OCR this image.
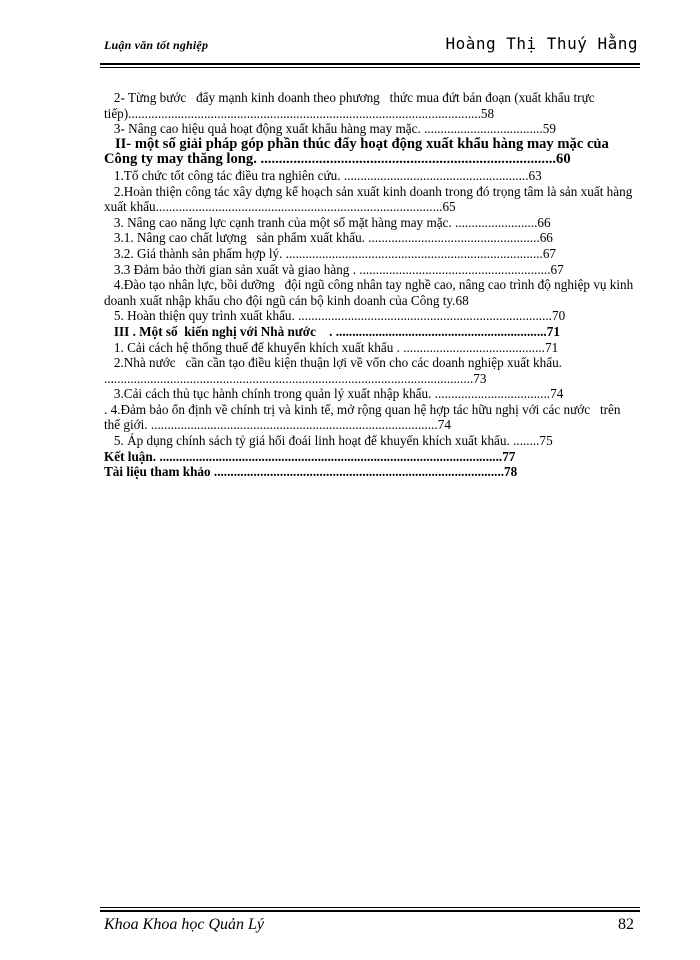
Luận văn tốt nghiệp	Hoàng Thị Thuý Hằng

2- Từng bước   đẩy mạnh kinh doanh theo phương   thức mua đứt bán đoạn (xuất khẩu trực tiếp)...........................................................................................................58

3- Nâng cao hiệu quả hoạt động xuất khẩu hàng may mặc. ....................................59

II- một số giải pháp góp phần thúc đẩy hoạt động xuất khẩu hàng may mặc của Công ty may thăng long. .................................................................................60

1.Tổ chức tốt công tác điều tra nghiên cứu. ........................................................63

2.Hoàn thiện công tác xây dựng kế hoạch sản xuất kinh doanh trong đó trọng tâm là sản xuất hàng xuất khẩu.......................................................................................65

3. Nâng cao năng lực cạnh tranh của một số mặt hàng may mặc. .........................66

3.1. Nâng cao chất lượng   sản phẩm xuất khẩu. ....................................................66

3.2. Giá thành sản phẩm hợp lý. ..............................................................................67

3.3 Đảm bảo thời gian sản xuất và giao hàng . ..........................................................67

4.Đào tạo nhân lực, bồi dưỡng   đội ngũ công nhân tay nghề cao, nâng cao trình độ nghiệp vụ kinh doanh xuất nhập khẩu cho đội ngũ cán bộ kinh doanh của Công ty.68

5. Hoàn thiện quy trình xuất khẩu. .............................................................................70

III . Một số  kiến nghị với Nhà nước    . ................................................................71

1. Cải cách hệ thống thuế để khuyến khích xuất khẩu . ...........................................71

2.Nhà nước   cần cần tạo điều kiện thuận lợi về vốn cho các doanh nghiệp xuất khẩu. ................................................................................................................73

3.Cải cách thủ tục hành chính trong quản lý xuất nhập khẩu. ...................................74

. 4.Đảm bảo ổn định về chính trị và kinh tế, mở rộng quan hệ hợp tác hữu nghị với các nước   trên thế giới. .......................................................................................74

5. Áp dụng chính sách tỷ giá hối đoái linh hoạt để khuyến khích xuất khẩu. ........75

Kết luận. ........................................................................................................77

Tài liệu tham khảo ........................................................................................78

Khoa Khoa học Quản Lý	82
